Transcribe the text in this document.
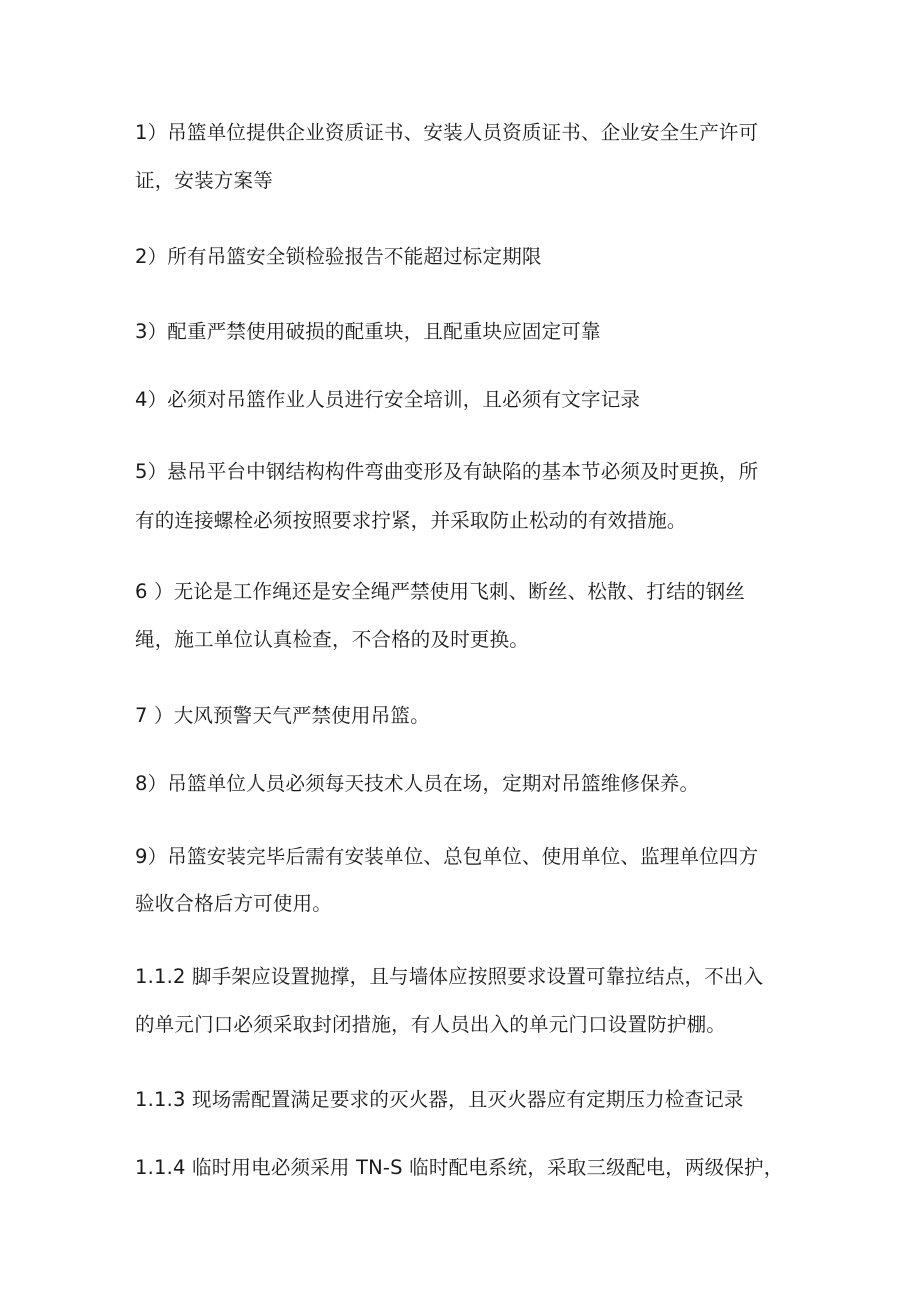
1）吊篮单位提供企业资质证书、安装人员资质证书、企业安全生产许可
证，安装方案等
2）所有吊篮安全锁检验报告不能超过标定期限
3）配重严禁使用破损的配重块，且配重块应固定可靠
4）必须对吊篮作业人员进行安全培训，且必须有文字记录
5）悬吊平台中钢结构构件弯曲变形及有缺陷的基本节必须及时更换，所
有的连接螺栓必须按照要求拧紧，并采取防止松动的有效措施。
6 ）无论是工作绳还是安全绳严禁使用飞刺、断丝、松散、打结的钢丝
绳，施工单位认真检查，不合格的及时更换。
7 ）大风预警天气严禁使用吊篮。
8）吊篮单位人员必须每天技术人员在场，定期对吊篮维修保养。
9）吊篮安装完毕后需有安装单位、总包单位、使用单位、监理单位四方
验收合格后方可使用。
1.1.2 脚手架应设置抛撑，且与墙体应按照要求设置可靠拉结点，不出入
的单元门口必须采取封闭措施，有人员出入的单元门口设置防护棚。
1.1.3 现场需配置满足要求的灭火器，且灭火器应有定期压力检查记录
1.1.4 临时用电必须采用 TN-S 临时配电系统，采取三级配电，两级保护，
